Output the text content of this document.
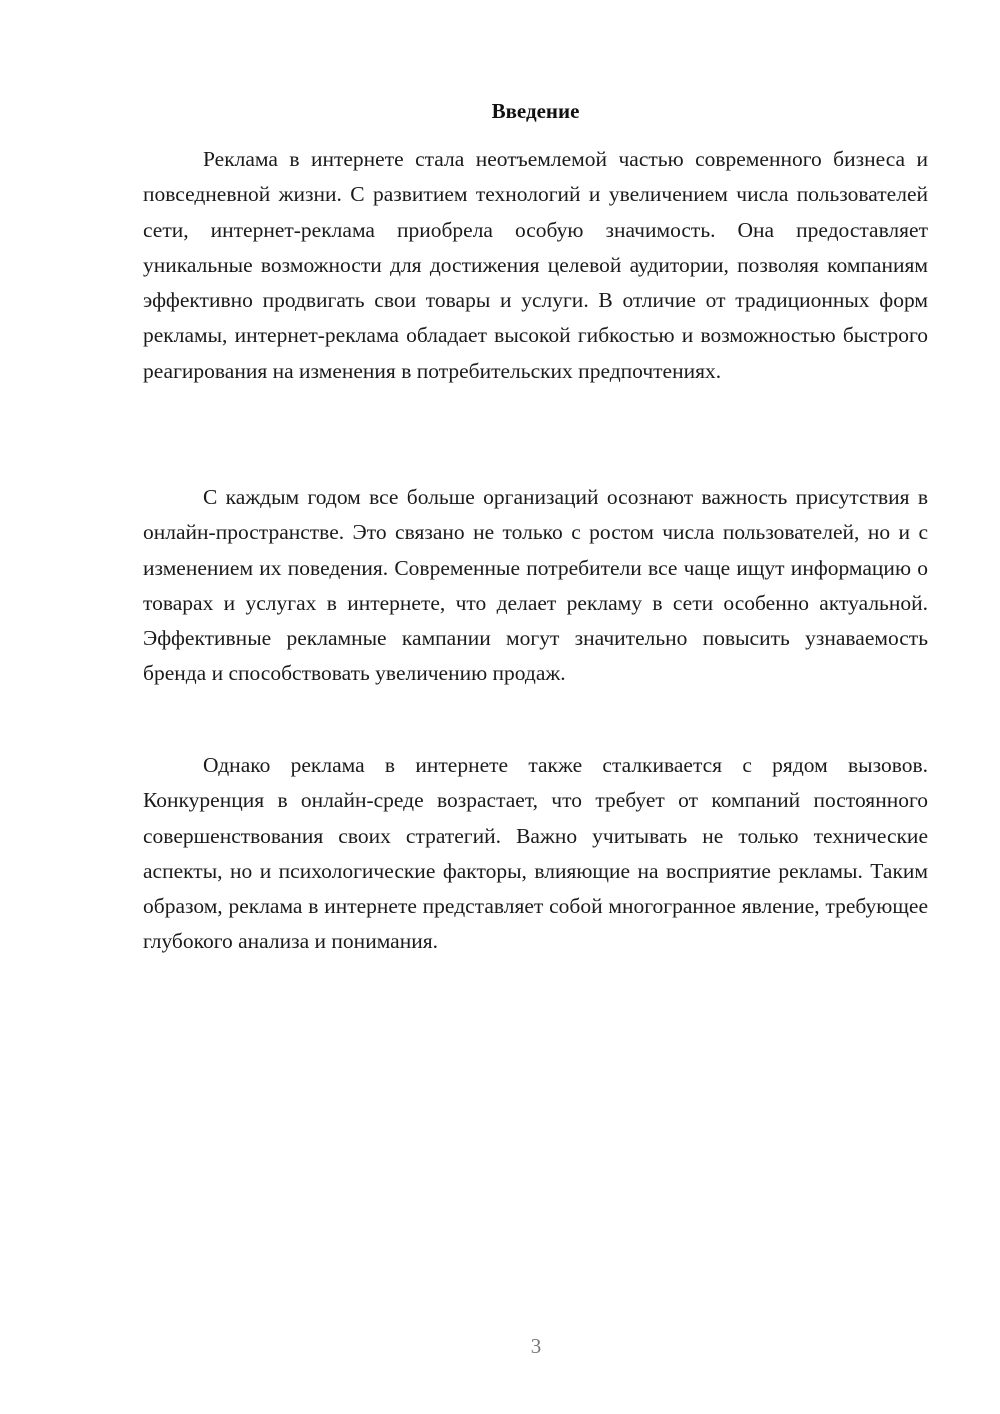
Введение

Реклама в интернете стала неотъемлемой частью современного бизнеса и повседневной жизни. С развитием технологий и увеличением числа пользователей сети, интернет-реклама приобрела особую значимость. Она предоставляет уникальные возможности для достижения целевой аудитории, позволяя компаниям эффективно продвигать свои товары и услуги. В отличие от традиционных форм рекламы, интернет-реклама обладает высокой гибкостью и возможностью быстрого реагирования на изменения в потребительских предпочтениях.

С каждым годом все больше организаций осознают важность присутствия в онлайн-пространстве. Это связано не только с ростом числа пользователей, но и с изменением их поведения. Современные потребители все чаще ищут информацию о товарах и услугах в интернете, что делает рекламу в сети особенно актуальной. Эффективные рекламные кампании могут значительно повысить узнаваемость бренда и способствовать увеличению продаж.

Однако реклама в интернете также сталкивается с рядом вызовов. Конкуренция в онлайн-среде возрастает, что требует от компаний постоянного совершенствования своих стратегий. Важно учитывать не только технические аспекты, но и психологические факторы, влияющие на восприятие рекламы. Таким образом, реклама в интернете представляет собой многогранное явление, требующее глубокого анализа и понимания.

3
